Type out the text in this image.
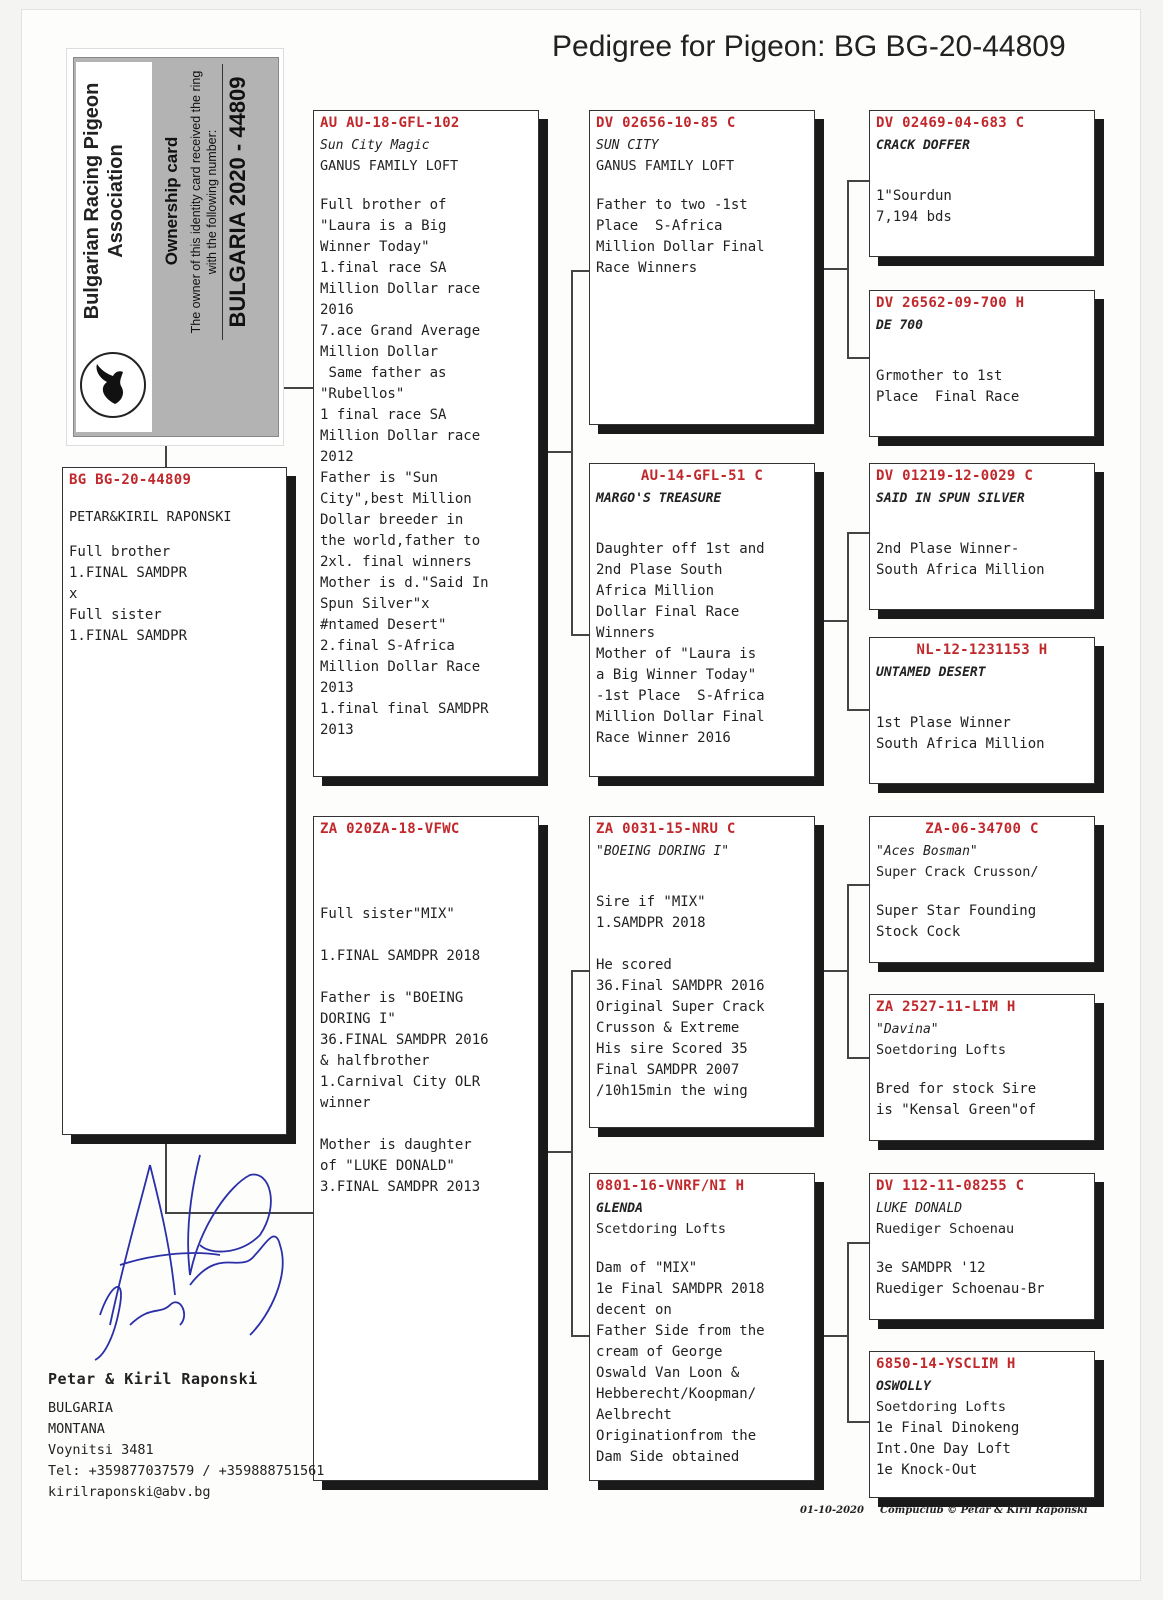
Pedigree for Pigeon: BG BG-20-44809
Bulgarian Racing Pigeon Association Ownership card The owner of this identity card received the ring with the following number: BULGARIA 2020 - 44809
BG BG-20-44809
PETAR&KIRIL RAPONSKI
Full brother
1.FINAL SAMDPR
x
Full sister
1.FINAL SAMDPR
AU AU-18-GFL-102
Sun City Magic
GANUS FAMILY LOFT
Full brother of
"Laura is a Big
Winner Today"
1.final race SA
Million Dollar race
2016
7.ace Grand Average
Million Dollar
Same father as
"Rubellos"
1 final race SA
Million Dollar race
2012
Father is "Sun
City",best Million
Dollar breeder in
the world,father to
2xl. final winners
Mother is d."Said In
Spun Silver"x
#ntamed Desert"
2.final S-Africa
Million Dollar Race
2013
1.final final SAMDPR
2013
ZA 020ZA-18-VFWC
Full sister"MIX"

1.FINAL SAMDPR 2018

Father is "BOEING
DORING I"
36.FINAL SAMDPR 2016
& halfbrother
1.Carnival City OLR
winner

Mother is daughter
of "LUKE DONALD"
3.FINAL SAMDPR 2013
DV 02656-10-85 C
SUN CITY
GANUS FAMILY LOFT
Father to two -1st
Place  S-Africa
Million Dollar Final
Race Winners
AU-14-GFL-51 C
MARGO'S TREASURE
Daughter off 1st and
2nd Plase South
Africa Million
Dollar Final Race
Winners
Mother of "Laura is
a Big Winner Today"
-1st Place  S-Africa
Million Dollar Final
Race Winner 2016
ZA 0031-15-NRU C
"BOEING DORING I"
Sire if "MIX"
1.SAMDPR 2018

He scored
36.Final SAMDPR 2016
Original Super Crack
Crusson & Extreme
His sire Scored 35
Final SAMDPR 2007
/10h15min the wing
0801-16-VNRF/NI H
GLENDA
Scetdoring Lofts
Dam of "MIX"
1e Final SAMDPR 2018
decent on
Father Side from the
cream of George
Oswald Van Loon &
Hebberecht/Koopman/
Aelbrecht
Originationfrom the
Dam Side obtained
DV 02469-04-683 C
CRACK DOFFER
1"Sourdun
7,194 bds
DV 26562-09-700 H
DE 700
Grmother to 1st
Place  Final Race
DV 01219-12-0029 C
SAID IN SPUN SILVER
2nd Plase Winner-
South Africa Million
NL-12-1231153 H
UNTAMED DESERT
1st Plase Winner
South Africa Million
ZA-06-34700 C
"Aces Bosman"
Super Crack Crusson/
Super Star Founding
Stock Cock
ZA 2527-11-LIM H
"Davina"
Soetdoring Lofts
Bred for stock Sire
is "Kensal Green"of
DV 112-11-08255 C
LUKE DONALD
Ruediger Schoenau
3e SAMDPR '12
Ruediger Schoenau-Br
6850-14-YSCLIM H
OSWOLLY
Soetdoring Lofts
1e Final Dinokeng
Int.One Day Loft
1e Knock-Out
Petar & Kiril Raponski
BULGARIA
MONTANA
Voynitsi 3481
Tel: +359877037579 / +359888751561
kirilraponski@abv.bg
01-10-2020 Compuclub © Petar & Kiril Raponski
